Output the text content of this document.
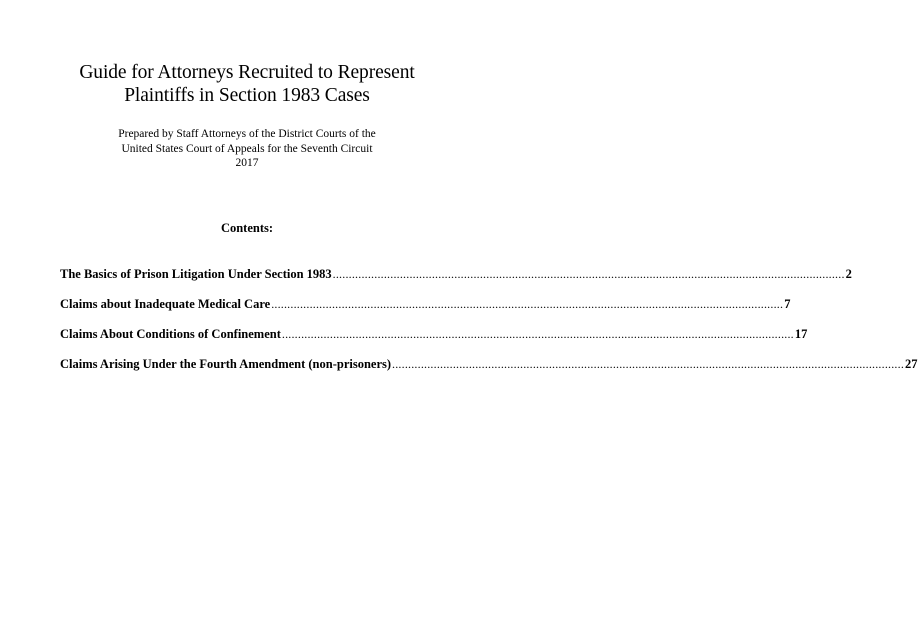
Guide for Attorneys Recruited to Represent
Plaintiffs in Section 1983 Cases
Prepared by Staff Attorneys of the District Courts of the
United States Court of Appeals for the Seventh Circuit
2017
Contents:
The Basics of Prison Litigation Under Section 1983 ................................................................................................................................................................ 2
Claims about Inadequate Medical Care ................................................................................................................................................................ 7
Claims About Conditions of Confinement ................................................................................................................................................................ 17
Claims Arising Under the Fourth Amendment (non-prisoners) ................................................................................................................................................................ 27
